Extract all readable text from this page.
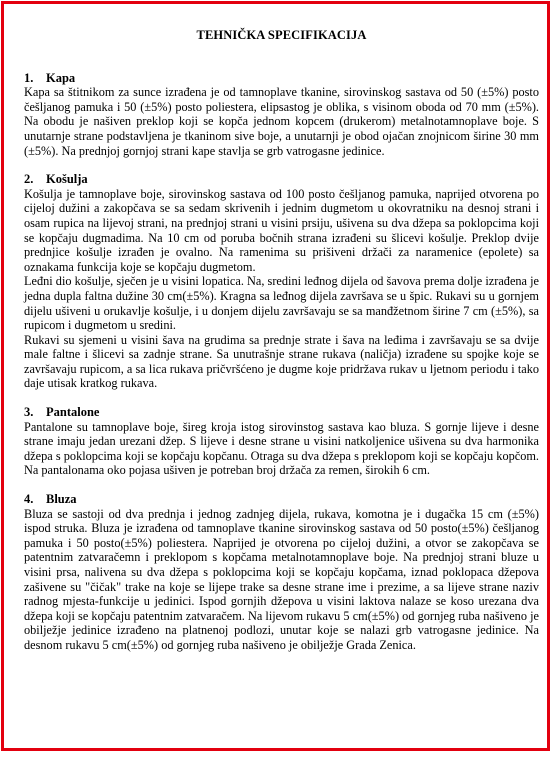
TEHNIČKA SPECIFIKACIJA
1. Kapa

Kapa sa štitnikom za sunce izrađena je od tamnoplave tkanine, sirovinskog sastava od 50 (±5%) posto češljanog pamuka i 50 (±5%) posto poliestera, elipsastog je oblika, s visinom oboda od 70 mm (±5%). Na obodu je našiven preklop koji se kopča jednom kopcem (drukerom) metalnotamnoplave boje. S unutarnje strane podstavljena je tkaninom sive boje, a unutarnji je obod ojačan znojnicom širine 30 mm (±5%). Na prednjoj gornjoj strani kape stavlja se grb vatrogasne jedinice.

2. Košulja

Košulja je tamnoplave boje, sirovinskog sastava od 100 posto češljanog pamuka, naprijed otvorena po cijeloj dužini a zakopčava se sa sedam skrivenih i jednim dugmetom u okovratniku na desnoj strani i osam rupica na lijevoj strani, na prednjoj strani u visini prsiju, ušivena su dva džepa sa poklopcima koji se kopčaju dugmadima. Na 10 cm od poruba bočnih strana izrađeni su šlicevi košulje. Preklop dvije prednjice košulje izrađen je ovalno. Na ramenima su prišiveni držači za naramenice (epolete) sa oznakama funkcija koje se kopčaju dugmetom.

Leđni dio košulje, sječen je u visini lopatica. Na, sredini leđnog dijela od šavova prema dolje izrađena je jedna dupla faltna dužine 30 cm(±5%). Kragna sa leđnog dijela završava se u špic. Rukavi su u gornjem dijelu ušiveni u orukavlje košulje, i u donjem dijelu završavaju se sa manđžetnom širine 7 cm (±5%), sa rupicom i dugmetom u sredini.

Rukavi su sjemeni u visini šava na grudima sa prednje strate i šava na leđima i završavaju se sa dvije male faltne i šlicevi sa zadnje strane. Sa unutrašnje strane rukava (naličja) izrađene su spojke koje se završavaju rupicom, a sa lica rukava pričvršćeno je dugme koje pridržava rukav u ljetnom periodu i tako daje utisak kratkog rukava.

3. Pantalone

Pantalone su tamnoplave boje, šireg kroja istog sirovinstog sastava kao bluza. S gornje lijeve i desne strane imaju jedan urezani džep. S lijeve i desne strane u visini natkoljenice ušivena su dva harmonika džepa s poklopcima koji se kopčaju kopčanu. Otraga su dva džepa s preklopom koji se kopčaju kopčom. Na pantalonama oko pojasa ušiven je potreban broj držača za remen, širokih 6 cm.

4. Bluza

Bluza se sastoji od dva prednja i jednog zadnjeg dijela, rukava, komotna je i dugačka 15 cm (±5%) ispod struka. Bluza je izrađena od tamnoplave tkanine sirovinskog sastava od 50 posto(±5%) češljanog pamuka i 50 posto(±5%) poliestera. Naprijed je otvorena po cijeloj dužini, a otvor se zakopčava se patentnim zatvaračemn i preklopom s kopčama metalnotamnoplave boje. Na prednjoj strani bluze u visini prsa, nalivena su dva džepa s poklopcima koji se kopčaju kopčama, iznad poklopaca džepova zašivene su "čičak" trake na koje se lijepe trake sa desne strane ime i prezime, a sa lijeve strane naziv radnog mjesta-funkcije u jedinici. Ispod gornjih džepova u visini laktova nalaze se koso urezana dva džepa koji se kopčaju patentnim zatvaračem. Na lijevom rukavu 5 cm(±5%) od gornjeg ruba našiveno je obilježje jedinice izrađeno na platnenoj podlozi, unutar koje se nalazi grb vatrogasne jedinice. Na desnom rukavu 5 cm(±5%) od gornjeg ruba našiveno je obilježje Grada Zenica.
